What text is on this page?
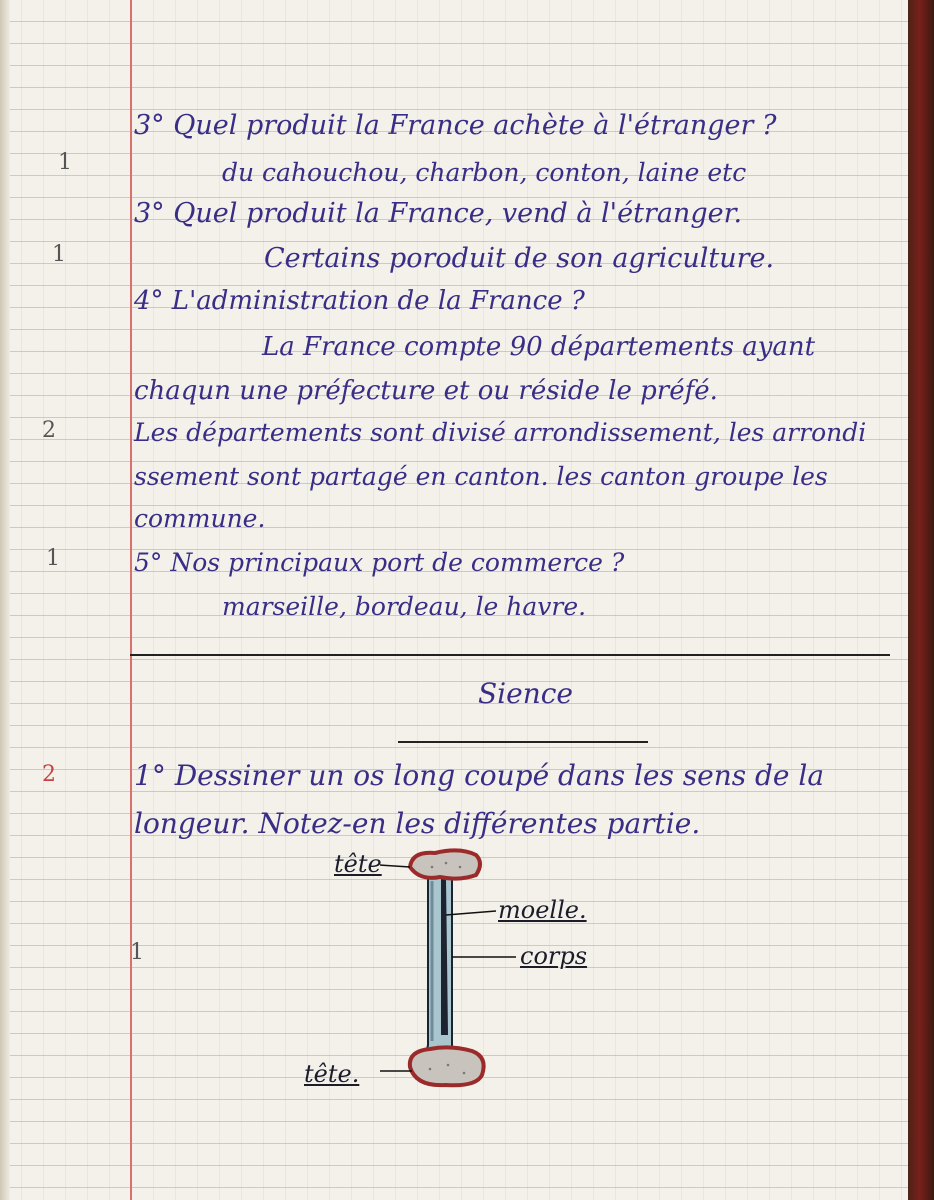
1
1
2
1
2
1
3° Quel produit la France achète à l'étranger ?
du cahouchou, charbon, conton, laine etc
3° Quel produit la France, vend à l'étranger.
Certains poroduit de son agriculture.
4° L'administration de la France ?
La France compte 90 départements ayant
chaqun une préfecture et ou réside le préfé.
Les départements sont divisé arrondissement, les arrondi
ssement sont partagé en canton. les canton groupe les
commune.
5° Nos principaux port de commerce ?
marseille, bordeau, le havre.
Sience
1° Dessiner un os long coupé dans les sens de la
longeur. Notez-en les différentes partie.
tête
moelle.
corps
tête.
